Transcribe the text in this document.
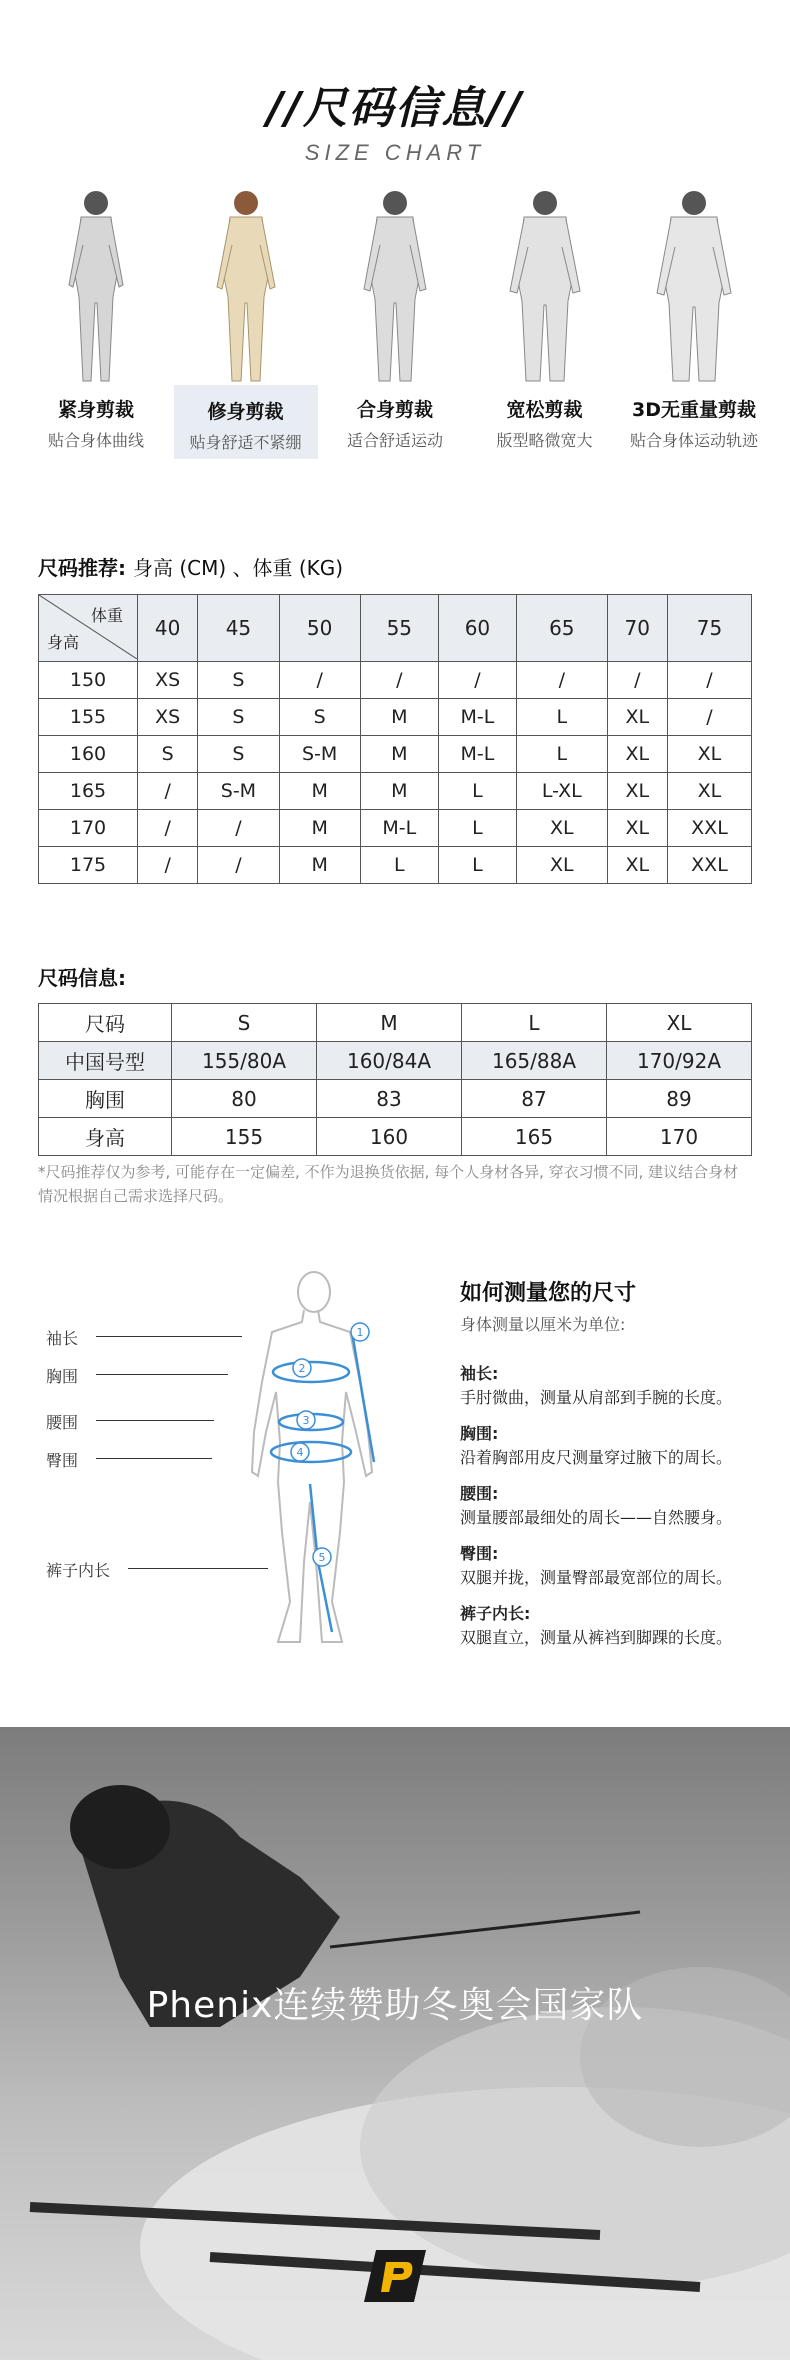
//尺码信息//
SIZE CHART
紧身剪裁
贴合身体曲线
修身剪裁
贴身舒适不紧绷
合身剪裁
适合舒适运动
宽松剪裁
版型略微宽大
3D无重量剪裁
贴合身体运动轨迹
尺码推荐: 身高 (CM) 、体重 (KG)
体重
身高	40	45	50	55	60	65	70	75
150	XS	S	/	/	/	/	/	/
155	XS	S	S	M	M-L	L	XL	/
160	S	S	S-M	M	M-L	L	XL	XL
165	/	S-M	M	M	L	L-XL	XL	XL
170	/	/	M	M-L	L	XL	XL	XXL
175	/	/	M	L	L	XL	XL	XXL
尺码信息:
尺码	S	M	L	XL
中国号型	155/80A	160/84A	165/88A	170/92A
胸围	80	83	87	89
身高	155	160	165	170
*尺码推荐仅为参考, 可能存在一定偏差, 不作为退换货依据, 每个人身材各异, 穿衣习惯不同, 建议结合身材情况根据自己需求选择尺码。
1
2
3
4
5
袖长
胸围
腰围
臀围
裤子内长
如何测量您的尺寸
身体测量以厘米为单位:
袖长:
手肘微曲，测量从肩部到手腕的长度。
胸围:
沿着胸部用皮尺测量穿过腋下的周长。
腰围:
测量腰部最细处的周长——自然腰身。
臀围:
双腿并拢，测量臀部最宽部位的周长。
裤子内长:
双腿直立，测量从裤裆到脚踝的长度。
Phenix连续赞助冬奥会国家队
